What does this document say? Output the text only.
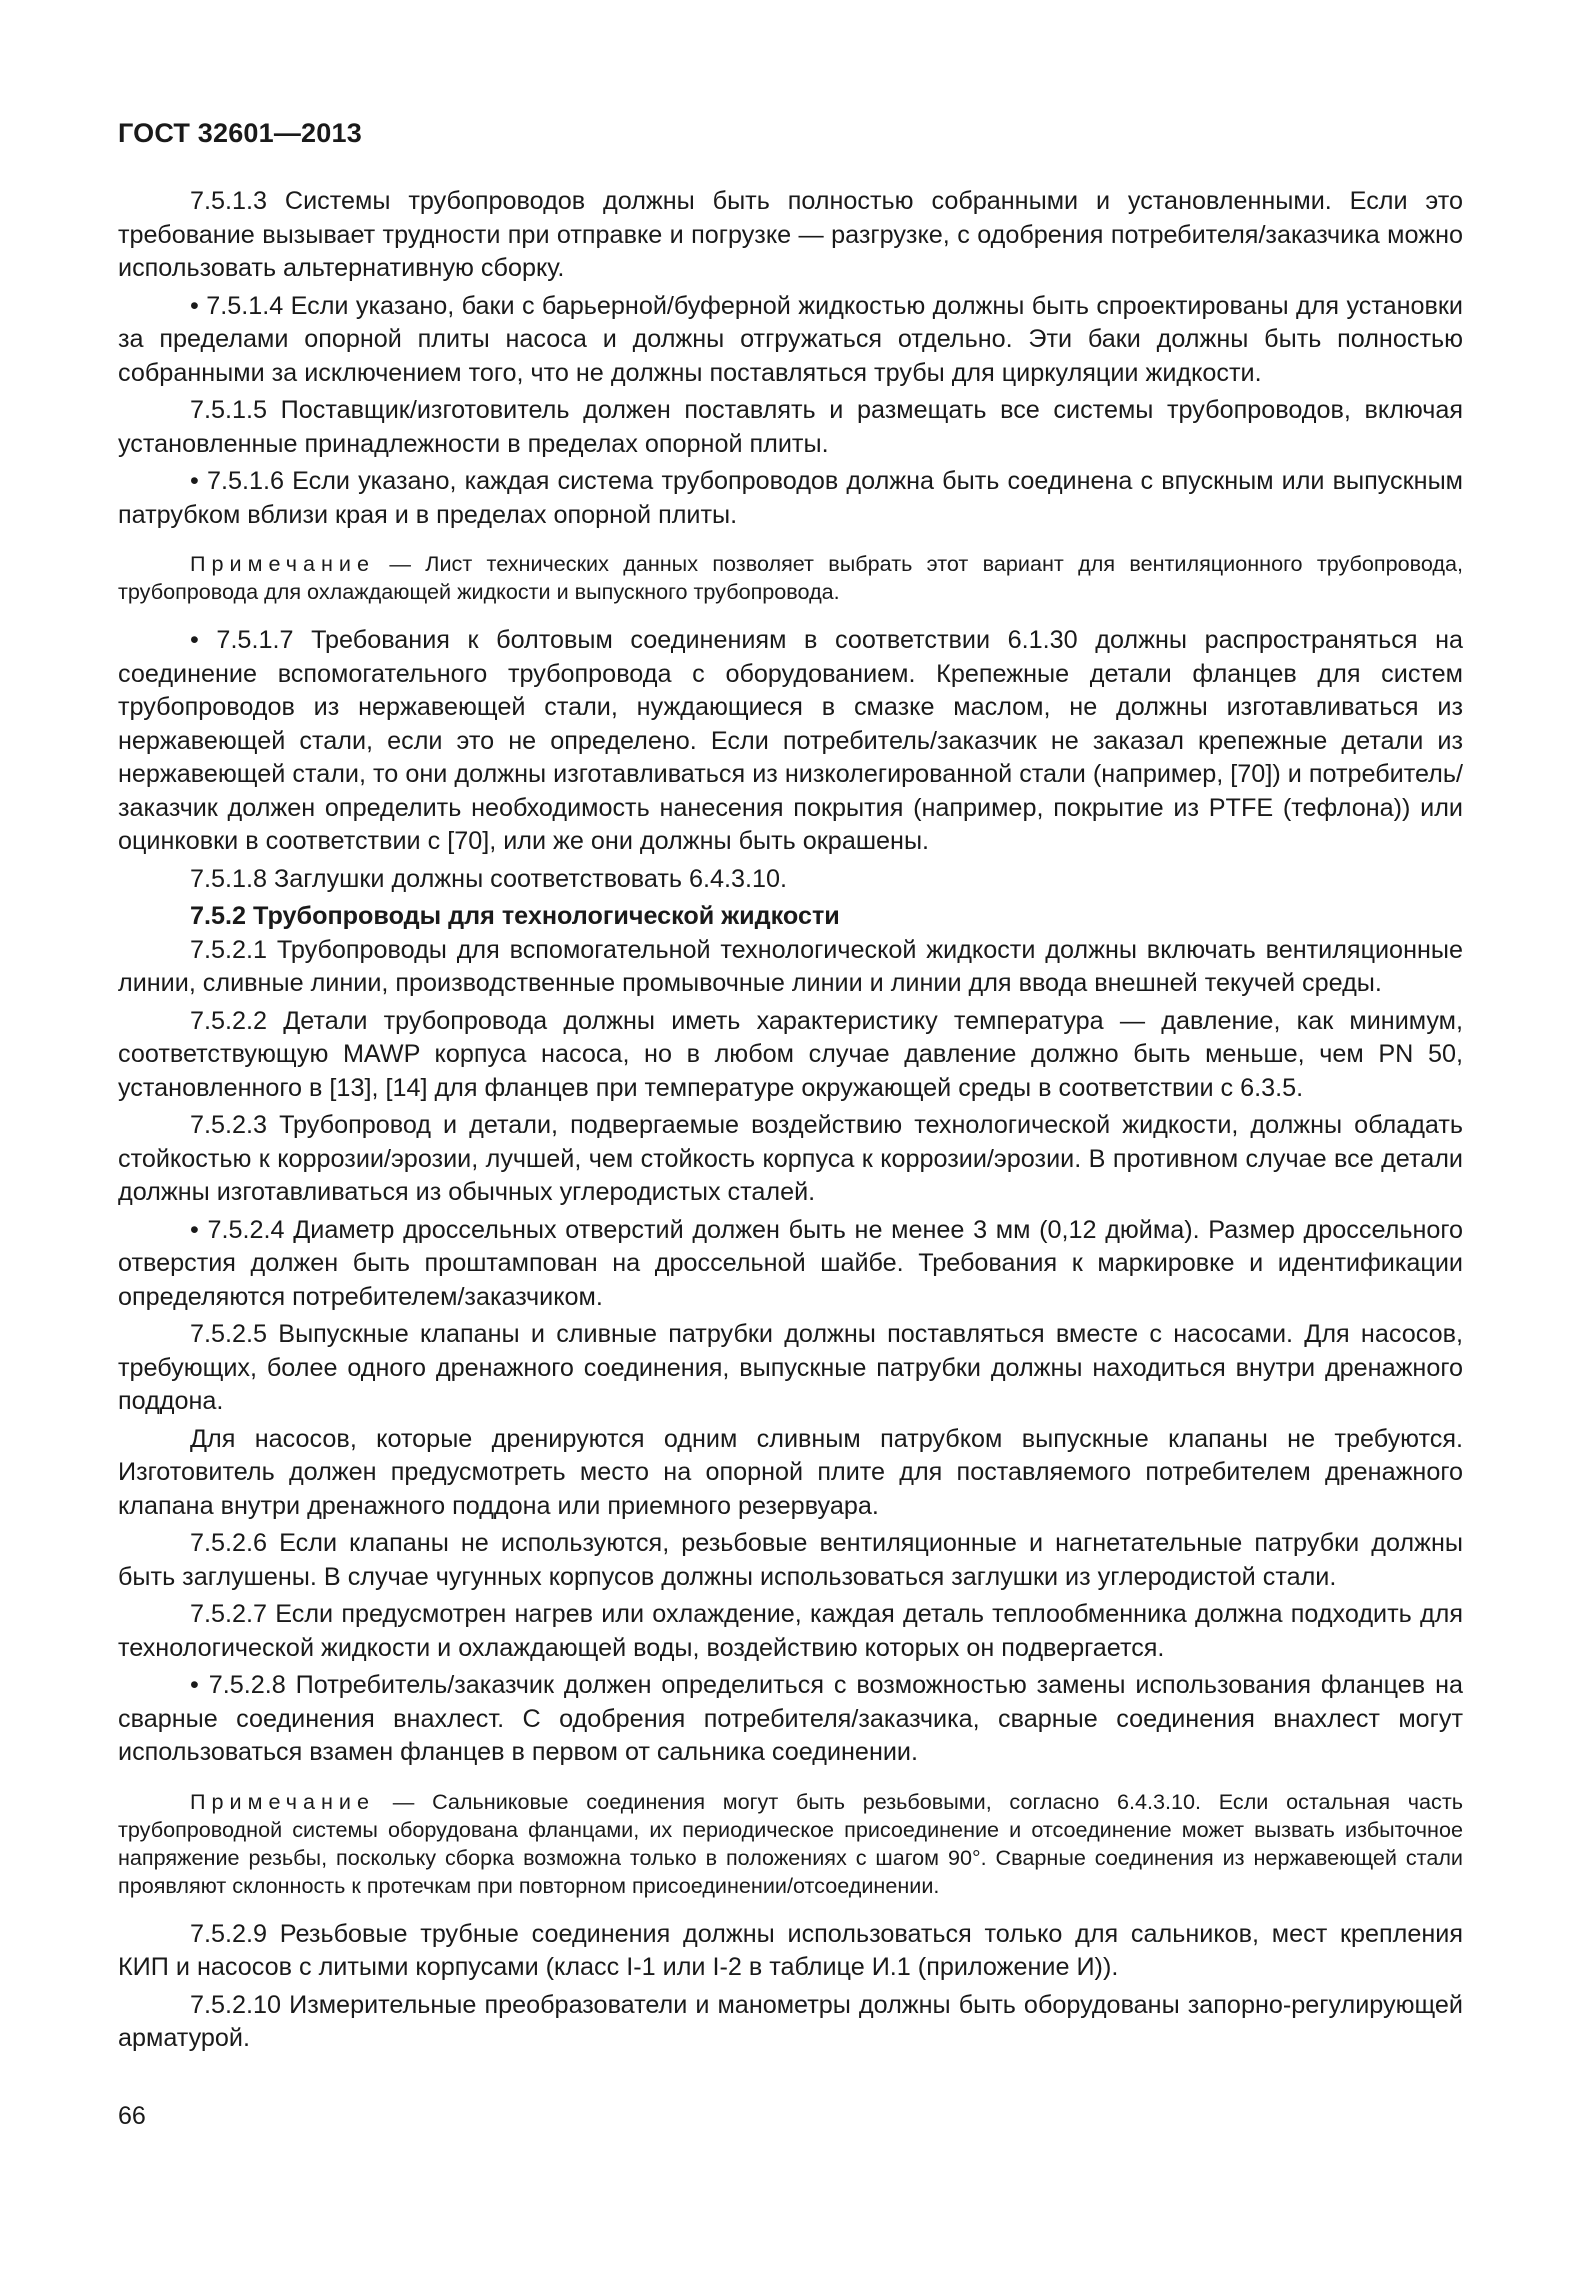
ГОСТ 32601—2013

7.5.1.3 Системы трубопроводов должны быть полностью собранными и установленными. Если это требование вызывает трудности при отправке и погрузке — разгрузке, с одобрения потребителя/заказчика можно использовать альтернативную сборку.

• 7.5.1.4 Если указано, баки с барьерной/буферной жидкостью должны быть спроектированы для установки за пределами опорной плиты насоса и должны отгружаться отдельно. Эти баки должны быть полностью собранными за исключением того, что не должны поставляться трубы для циркуляции жидкости.

7.5.1.5 Поставщик/изготовитель должен поставлять и размещать все системы трубопроводов, включая установленные принадлежности в пределах опорной плиты.

• 7.5.1.6 Если указано, каждая система трубопроводов должна быть соединена с впускным или выпускным патрубком вблизи края и в пределах опорной плиты.

Примечание — Лист технических данных позволяет выбрать этот вариант для вентиляционного трубопровода, трубопровода для охлаждающей жидкости и выпускного трубопровода.

• 7.5.1.7 Требования к болтовым соединениям в соответствии 6.1.30 должны распространяться на соединение вспомогательного трубопровода с оборудованием. Крепежные детали фланцев для систем трубопроводов из нержавеющей стали, нуждающиеся в смазке маслом, не должны изготавливаться из нержавеющей стали, если это не определено. Если потребитель/заказчик не заказал крепежные детали из нержавеющей стали, то они должны изготавливаться из низколегированной стали (например, [70]) и потребитель/заказчик должен определить необходимость нанесения покрытия (например, покрытие из PTFE (тефлона)) или оцинковки в соответствии с [70], или же они должны быть окрашены.

7.5.1.8 Заглушки должны соответствовать 6.4.3.10.

7.5.2 Трубопроводы для технологической жидкости

7.5.2.1 Трубопроводы для вспомогательной технологической жидкости должны включать вентиляционные линии, сливные линии, производственные промывочные линии и линии для ввода внешней текучей среды.

7.5.2.2 Детали трубопровода должны иметь характеристику температура — давление, как минимум, соответствующую MAWP корпуса насоса, но в любом случае давление должно быть меньше, чем PN 50, установленного в [13], [14] для фланцев при температуре окружающей среды в соответствии с 6.3.5.

7.5.2.3 Трубопровод и детали, подвергаемые воздействию технологической жидкости, должны обладать стойкостью к коррозии/эрозии, лучшей, чем стойкость корпуса к коррозии/эрозии. В противном случае все детали должны изготавливаться из обычных углеродистых сталей.

• 7.5.2.4 Диаметр дроссельных отверстий должен быть не менее 3 мм (0,12 дюйма). Размер дроссельного отверстия должен быть проштампован на дроссельной шайбе. Требования к маркировке и идентификации определяются потребителем/заказчиком.

7.5.2.5 Выпускные клапаны и сливные патрубки должны поставляться вместе с насосами. Для насосов, требующих, более одного дренажного соединения, выпускные патрубки должны находиться внутри дренажного поддона.

Для насосов, которые дренируются одним сливным патрубком выпускные клапаны не требуются. Изготовитель должен предусмотреть место на опорной плите для поставляемого потребителем дренажного клапана внутри дренажного поддона или приемного резервуара.

7.5.2.6 Если клапаны не используются, резьбовые вентиляционные и нагнетательные патрубки должны быть заглушены. В случае чугунных корпусов должны использоваться заглушки из углеродистой стали.

7.5.2.7 Если предусмотрен нагрев или охлаждение, каждая деталь теплообменника должна подходить для технологической жидкости и охлаждающей воды, воздействию которых он подвергается.

• 7.5.2.8 Потребитель/заказчик должен определиться с возможностью замены использования фланцев на сварные соединения внахлест. С одобрения потребителя/заказчика, сварные соединения внахлест могут использоваться взамен фланцев в первом от сальника соединении.

Примечание — Сальниковые соединения могут быть резьбовыми, согласно 6.4.3.10. Если остальная часть трубопроводной системы оборудована фланцами, их периодическое присоединение и отсоединение может вызвать избыточное напряжение резьбы, поскольку сборка возможна только в положениях с шагом 90°. Сварные соединения из нержавеющей стали проявляют склонность к протечкам при повторном присоединении/отсоединении.

7.5.2.9 Резьбовые трубные соединения должны использоваться только для сальников, мест крепления КИП и насосов с литыми корпусами (класс I-1 или I-2 в таблице И.1 (приложение И)).

7.5.2.10 Измерительные преобразователи и манометры должны быть оборудованы запорно-регулирующей арматурой.

66
